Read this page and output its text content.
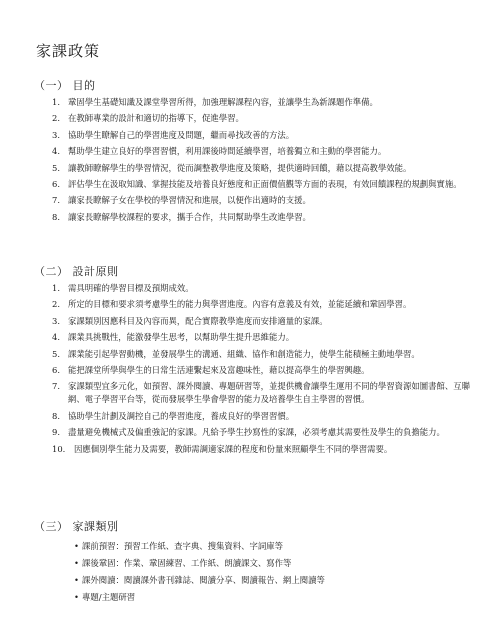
家課政策
（一） 目的
1. 鞏固學生基礎知識及課堂學習所得，加強理解課程內容，並讓學生為新課題作準備。
2. 在教師專業的設計和適切的指導下，促進學習。
3. 協助學生瞭解自己的學習進度及問題，繼而尋找改善的方法。
4. 幫助學生建立良好的學習習慣，利用課後時間延續學習，培養獨立和主動的學習能力。
5. 讓教師瞭解學生的學習情況，從而調整教學進度及策略，提供適時回饋，藉以提高教學效能。
6. 評估學生在汲取知識、掌握技能及培養良好態度和正面價值觀等方面的表現，有效回饋課程的規劃與實施。
7. 讓家長瞭解子女在學校的學習情況和進展，以便作出適時的支援。
8. 讓家長瞭解學校課程的要求，攜手合作，共同幫助學生改進學習。
（二） 設計原則
1. 需具明確的學習目標及預期成效。
2. 所定的目標和要求須考慮學生的能力與學習進度。內容有意義及有效，並能延續和鞏固學習。
3. 家課類別因應科目及內容而異，配合實際教學進度而安排適量的家課。
4. 課業具挑戰性，能激發學生思考，以幫助學生提升思維能力。
5. 課業能引起學習動機，並發展學生的溝通、組織、協作和創造能力，使學生能積極主動地學習。
6. 能把課堂所學與學生的日常生活連繫起來及富趣味性，藉以提高學生的學習興趣。
7. 家課類型宜多元化，如預習、課外閱讀、專題研習等，並提供機會讓學生運用不同的學習資源如圖書館、互聯網、電子學習平台等，從而發展學生學會學習的能力及培養學生自主學習的習慣。
8. 協助學生計劃及調控自己的學習進度，養成良好的學習習慣。
9. 盡量避免機械式及偏重強記的家課。凡給予學生抄寫性的家課，必須考慮其需要性及學生的負擔能力。
10. 因應個別學生能力及需要，教師需調適家課的程度和份量來照顧學生不同的學習需要。
（三） 家課類別
• 課前預習：預習工作紙、查字典、搜集資料、字詞庫等
• 課後鞏固：作業、鞏固練習、工作紙、朗讀課文、寫作等
• 課外閱讀：閱讀課外書刊雜誌、閱讀分享、閱讀報告、網上閱讀等
• 專題/主題研習
